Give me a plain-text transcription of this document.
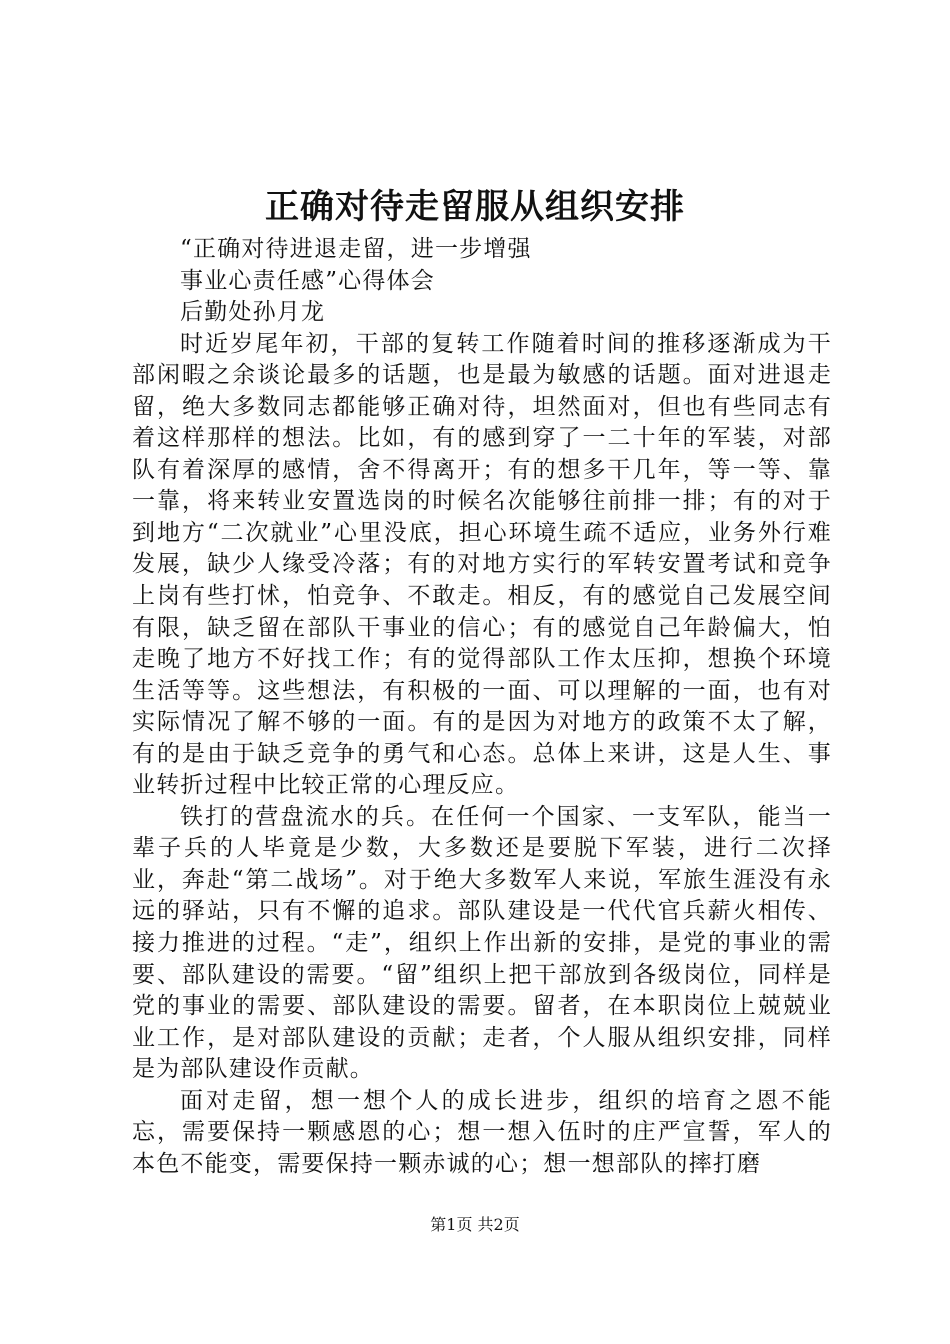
正确对待走留服从组织安排

“正确对待进退走留，进一步增强

事业心责任感”心得体会

后勤处孙月龙

时近岁尾年初，干部的复转工作随着时间的推移逐渐成为干部闲暇之余谈论最多的话题，也是最为敏感的话题。面对进退走留，绝大多数同志都能够正确对待，坦然面对，但也有些同志有着这样那样的想法。比如，有的感到穿了一二十年的军装，对部队有着深厚的感情，舍不得离开；有的想多干几年，等一等、靠一靠，将来转业安置选岗的时候名次能够往前排一排；有的对于到地方“二次就业”心里没底，担心环境生疏不适应，业务外行难发展，缺少人缘受冷落；有的对地方实行的军转安置考试和竞争上岗有些打怵，怕竞争、不敢走。相反，有的感觉自己发展空间有限，缺乏留在部队干事业的信心；有的感觉自己年龄偏大，怕走晚了地方不好找工作；有的觉得部队工作太压抑，想换个环境生活等等。这些想法，有积极的一面、可以理解的一面，也有对实际情况了解不够的一面。有的是因为对地方的政策不太了解，有的是由于缺乏竞争的勇气和心态。总体上来讲，这是人生、事业转折过程中比较正常的心理反应。

铁打的营盘流水的兵。在任何一个国家、一支军队，能当一辈子兵的人毕竟是少数，大多数还是要脱下军装，进行二次择业，奔赴“第二战场”。对于绝大多数军人来说，军旅生涯没有永远的驿站，只有不懈的追求。部队建设是一代代官兵薪火相传、接力推进的过程。“走”，组织上作出新的安排，是党的事业的需要、部队建设的需要。“留”组织上把干部放到各级岗位，同样是党的事业的需要、部队建设的需要。留者，在本职岗位上兢兢业业工作，是对部队建设的贡献；走者，个人服从组织安排，同样是为部队建设作贡献。

面对走留，想一想个人的成长进步，组织的培育之恩不能忘，需要保持一颗感恩的心；想一想入伍时的庄严宣誓，军人的本色不能变，需要保持一颗赤诚的心；想一想部队的摔打磨

第1页 共2页
